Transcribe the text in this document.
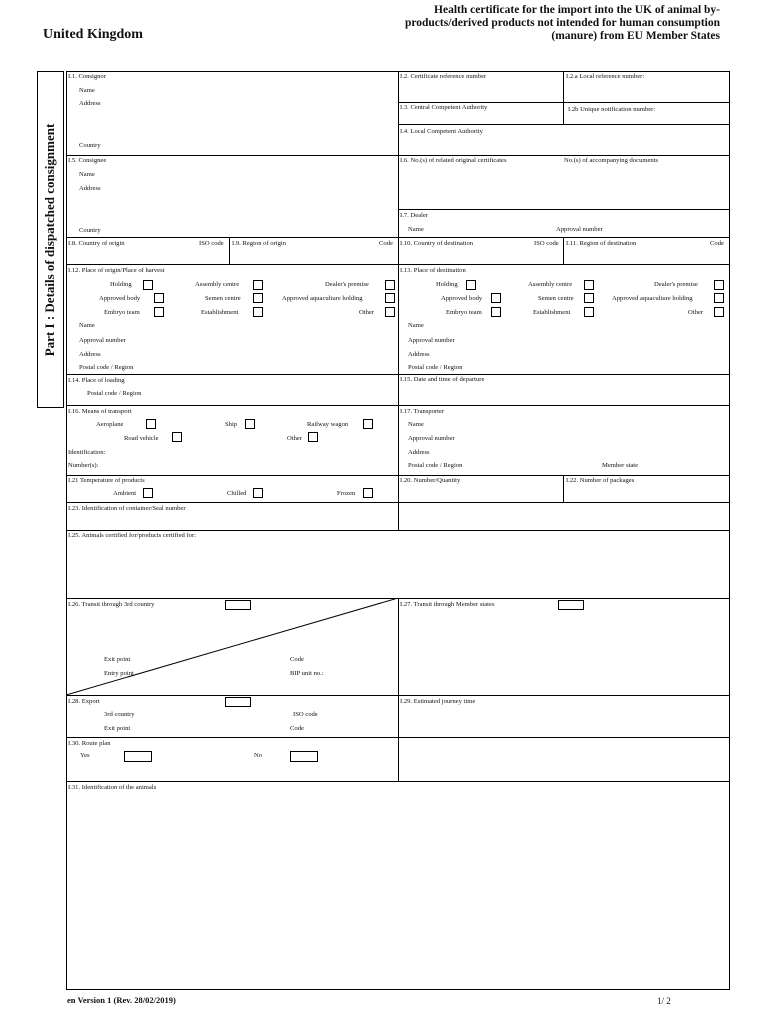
United Kingdom
Health certificate for the import into the UK of animal by-
products/derived products not intended for human consumption
(manure) from EU Member States
Part I : Details of dispatched consignment
I.1. Consignor
Name
Address
Country
I.2. Certificate reference number	I.2.a Local reference number:
I.3. Central Competent Authority	I.2b Unique notification number:
I.4. Local Competent Authority
I.5. Consignee
Name
Address
Country
I.6. No.(s) of related original certificates	No.(s) of accompanying documents
I.7. Dealer
Name	Approval number
I.8. Country of origin	ISO code I.9. Region of origin	Code I.10. Country of destination	ISO code I.11. Region of destination	Code
I.12. Place of origin/Place of harvest
Holding	Assembly centre	Dealer's premise
Approved body	Semen centre	Approved aquaculture holding
Embryo team	Establishment	Other
Name
Approval number
Address
Postal code / Region
I.13. Place of destination
Holding	Assembly centre	Dealer's premise
Approved body	Semen centre	Approved aquaculture holding
Embryo team	Establishment	Other
Name
Approval number
Address
Postal code / Region
I.14. Place of loading
Postal code / Region
I.15. Date and time of departure
I.16. Means of transport
Aeroplane	Ship	Railway wagon
Road vehicle	Other
Identification:
Number(s):
I.17. Transporter
Name
Approval number
Address
Postal code / Region	Member state
I.21 Temperature of products
Ambient	Chilled	Frozen
I.20. Number/Quantity	I.22. Number of packages
I.23. Identification of container/Seal number
I.25. Animals certified for/products certified for:
I.26. Transit through 3rd country	I.27. Transit through Member states
Exit point	Code
Entry point	BIP unit no.:
I.28. Export
3rd country	ISO code
Exit point	Code
I.29. Estimated journey time
I.30. Route plan
Yes	No
I.31. Identification of the animals
en Version 1 (Rev. 28/02/2019)	1/ 2
